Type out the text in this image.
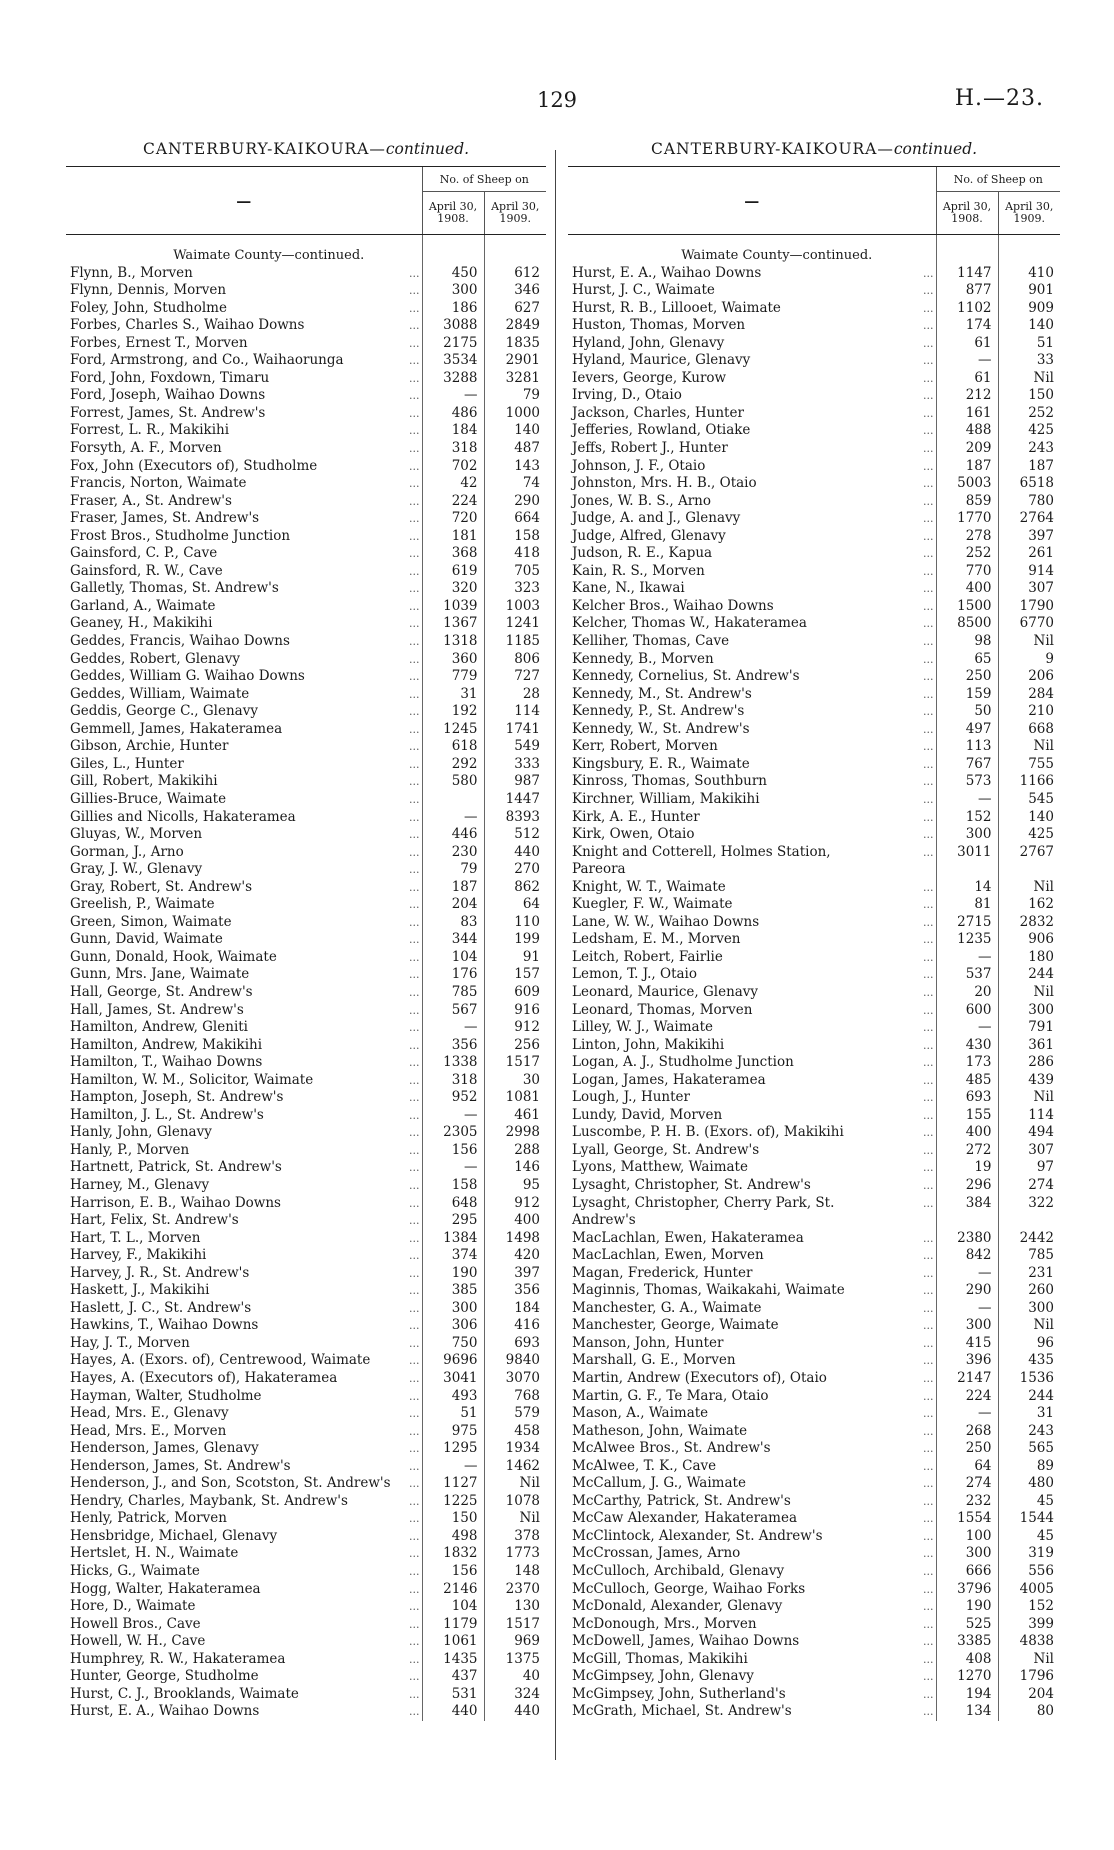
129	H.—23.
CANTERBURY-KAIKOURA—continued.
—		No. of Sheep on	
		April 30, 1908.	April 30, 1909.

Waimate County—continued.			
Flynn, B., Morven	...	450	612
Flynn, Dennis, Morven	...	300	346
Foley, John, Studholme	...	186	627
Forbes, Charles S., Waihao Downs	...	3088	2849
Forbes, Ernest T., Morven	...	2175	1835
Ford, Armstrong, and Co., Waihaorunga	...	3534	2901
Ford, John, Foxdown, Timaru	...	3288	3281
Ford, Joseph, Waihao Downs	...	—	79
Forrest, James, St. Andrew's	...	486	1000
Forrest, L. R., Makikihi	...	184	140
Forsyth, A. F., Morven	...	318	487
Fox, John (Executors of), Studholme	...	702	143
Francis, Norton, Waimate	...	42	74
Fraser, A., St. Andrew's	...	224	290
Fraser, James, St. Andrew's	...	720	664
Frost Bros., Studholme Junction	...	181	158
Gainsford, C. P., Cave	...	368	418
Gainsford, R. W., Cave	...	619	705
Galletly, Thomas, St. Andrew's	...	320	323
Garland, A., Waimate	...	1039	1003
Geaney, H., Makikihi	...	1367	1241
Geddes, Francis, Waihao Downs	...	1318	1185
Geddes, Robert, Glenavy	...	360	806
Geddes, William G. Waihao Downs	...	779	727
Geddes, William, Waimate	...	31	28
Geddis, George C., Glenavy	...	192	114
Gemmell, James, Hakateramea	...	1245	1741
Gibson, Archie, Hunter	...	618	549
Giles, L., Hunter	...	292	333
Gill, Robert, Makikihi	...	580	987
Gillies-Bruce, Waimate	...		1447
Gillies and Nicolls, Hakateramea	...	—	8393
Gluyas, W., Morven	...	446	512
Gorman, J., Arno	...	230	440
Gray, J. W., Glenavy	...	79	270
Gray, Robert, St. Andrew's	...	187	862
Greelish, P., Waimate	...	204	64
Green, Simon, Waimate	...	83	110
Gunn, David, Waimate	...	344	199
Gunn, Donald, Hook, Waimate	...	104	91
Gunn, Mrs. Jane, Waimate	...	176	157
Hall, George, St. Andrew's	...	785	609
Hall, James, St. Andrew's	...	567	916
Hamilton, Andrew, Gleniti	...	—	912
Hamilton, Andrew, Makikihi	...	356	256
Hamilton, T., Waihao Downs	...	1338	1517
Hamilton, W. M., Solicitor, Waimate	...	318	30
Hampton, Joseph, St. Andrew's	...	952	1081
Hamilton, J. L., St. Andrew's	...	—	461
Hanly, John, Glenavy	...	2305	2998
Hanly, P., Morven	...	156	288
Hartnett, Patrick, St. Andrew's	...	—	146
Harney, M., Glenavy	...	158	95
Harrison, E. B., Waihao Downs	...	648	912
Hart, Felix, St. Andrew's	...	295	400
Hart, T. L., Morven	...	1384	1498
Harvey, F., Makikihi	...	374	420
Harvey, J. R., St. Andrew's	...	190	397
Haskett, J., Makikihi	...	385	356
Haslett, J. C., St. Andrew's	...	300	184
Hawkins, T., Waihao Downs	...	306	416
Hay, J. T., Morven	...	750	693
Hayes, A. (Exors. of), Centrewood, Waimate	...	9696	9840
Hayes, A. (Executors of), Hakateramea	...	3041	3070
Hayman, Walter, Studholme	...	493	768
Head, Mrs. E., Glenavy	...	51	579
Head, Mrs. E., Morven	...	975	458
Henderson, James, Glenavy	...	1295	1934
Henderson, James, St. Andrew's	...	—	1462
Henderson, J., and Son, Scotston, St. Andrew's	...	1127	Nil
Hendry, Charles, Maybank, St. Andrew's	...	1225	1078
Henly, Patrick, Morven	...	150	Nil
Hensbridge, Michael, Glenavy	...	498	378
Hertslet, H. N., Waimate	...	1832	1773
Hicks, G., Waimate	...	156	148
Hogg, Walter, Hakateramea	...	2146	2370
Hore, D., Waimate	...	104	130
Howell Bros., Cave	...	1179	1517
Howell, W. H., Cave	...	1061	969
Humphrey, R. W., Hakateramea	...	1435	1375
Hunter, George, Studholme	...	437	40
Hurst, C. J., Brooklands, Waimate	...	531	324
Hurst, E. A., Waihao Downs	...	440	440
CANTERBURY-KAIKOURA—continued.
—		No. of Sheep on	
		April 30, 1908.	April 30, 1909.

Waimate County—continued.			
Hurst, E. A., Waihao Downs	...	1147	410
Hurst, J. C., Waimate	...	877	901
Hurst, R. B., Lillooet, Waimate	...	1102	909
Huston, Thomas, Morven	...	174	140
Hyland, John, Glenavy	...	61	51
Hyland, Maurice, Glenavy	...	—	33
Ievers, George, Kurow	...	61	Nil
Irving, D., Otaio	...	212	150
Jackson, Charles, Hunter	...	161	252
Jefferies, Rowland, Otiake	...	488	425
Jeffs, Robert J., Hunter	...	209	243
Johnson, J. F., Otaio	...	187	187
Johnston, Mrs. H. B., Otaio	...	5003	6518
Jones, W. B. S., Arno	...	859	780
Judge, A. and J., Glenavy	...	1770	2764
Judge, Alfred, Glenavy	...	278	397
Judson, R. E., Kapua	...	252	261
Kain, R. S., Morven	...	770	914
Kane, N., Ikawai	...	400	307
Kelcher Bros., Waihao Downs	...	1500	1790
Kelcher, Thomas W., Hakateramea	...	8500	6770
Kelliher, Thomas, Cave	...	98	Nil
Kennedy, B., Morven	...	65	9
Kennedy, Cornelius, St. Andrew's	...	250	206
Kennedy, M., St. Andrew's	...	159	284
Kennedy, P., St. Andrew's	...	50	210
Kennedy, W., St. Andrew's	...	497	668
Kerr, Robert, Morven	...	113	Nil
Kingsbury, E. R., Waimate	...	767	755
Kinross, Thomas, Southburn	...	573	1166
Kirchner, William, Makikihi	...	—	545
Kirk, A. E., Hunter	...	152	140
Kirk, Owen, Otaio	...	300	425
Knight and Cotterell, Holmes Station,	...	3011	2767
Pareora			
Knight, W. T., Waimate	...	14	Nil
Kuegler, F. W., Waimate	...	81	162
Lane, W. W., Waihao Downs	...	2715	2832
Ledsham, E. M., Morven	...	1235	906
Leitch, Robert, Fairlie	...	—	180
Lemon, T. J., Otaio	...	537	244
Leonard, Maurice, Glenavy	...	20	Nil
Leonard, Thomas, Morven	...	600	300
Lilley, W. J., Waimate	...	—	791
Linton, John, Makikihi	...	430	361
Logan, A. J., Studholme Junction	...	173	286
Logan, James, Hakateramea	...	485	439
Lough, J., Hunter	...	693	Nil
Lundy, David, Morven	...	155	114
Luscombe, P. H. B. (Exors. of), Makikihi	...	400	494
Lyall, George, St. Andrew's	...	272	307
Lyons, Matthew, Waimate	...	19	97
Lysaght, Christopher, St. Andrew's	...	296	274
Lysaght, Christopher, Cherry Park, St.	...	384	322
Andrew's			
MacLachlan, Ewen, Hakateramea	...	2380	2442
MacLachlan, Ewen, Morven	...	842	785
Magan, Frederick, Hunter	...	—	231
Maginnis, Thomas, Waikakahi, Waimate	...	290	260
Manchester, G. A., Waimate	...	—	300
Manchester, George, Waimate	...	300	Nil
Manson, John, Hunter	...	415	96
Marshall, G. E., Morven	...	396	435
Martin, Andrew (Executors of), Otaio	...	2147	1536
Martin, G. F., Te Mara, Otaio	...	224	244
Mason, A., Waimate	...	—	31
Matheson, John, Waimate	...	268	243
McAlwee Bros., St. Andrew's	...	250	565
McAlwee, T. K., Cave	...	64	89
McCallum, J. G., Waimate	...	274	480
McCarthy, Patrick, St. Andrew's	...	232	45
McCaw Alexander, Hakateramea	...	1554	1544
McClintock, Alexander, St. Andrew's	...	100	45
McCrossan, James, Arno	...	300	319
McCulloch, Archibald, Glenavy	...	666	556
McCulloch, George, Waihao Forks	...	3796	4005
McDonald, Alexander, Glenavy	...	190	152
McDonough, Mrs., Morven	...	525	399
McDowell, James, Waihao Downs	...	3385	4838
McGill, Thomas, Makikihi	...	408	Nil
McGimpsey, John, Glenavy	...	1270	1796
McGimpsey, John, Sutherland's	...	194	204
McGrath, Michael, St. Andrew's	...	134	80
